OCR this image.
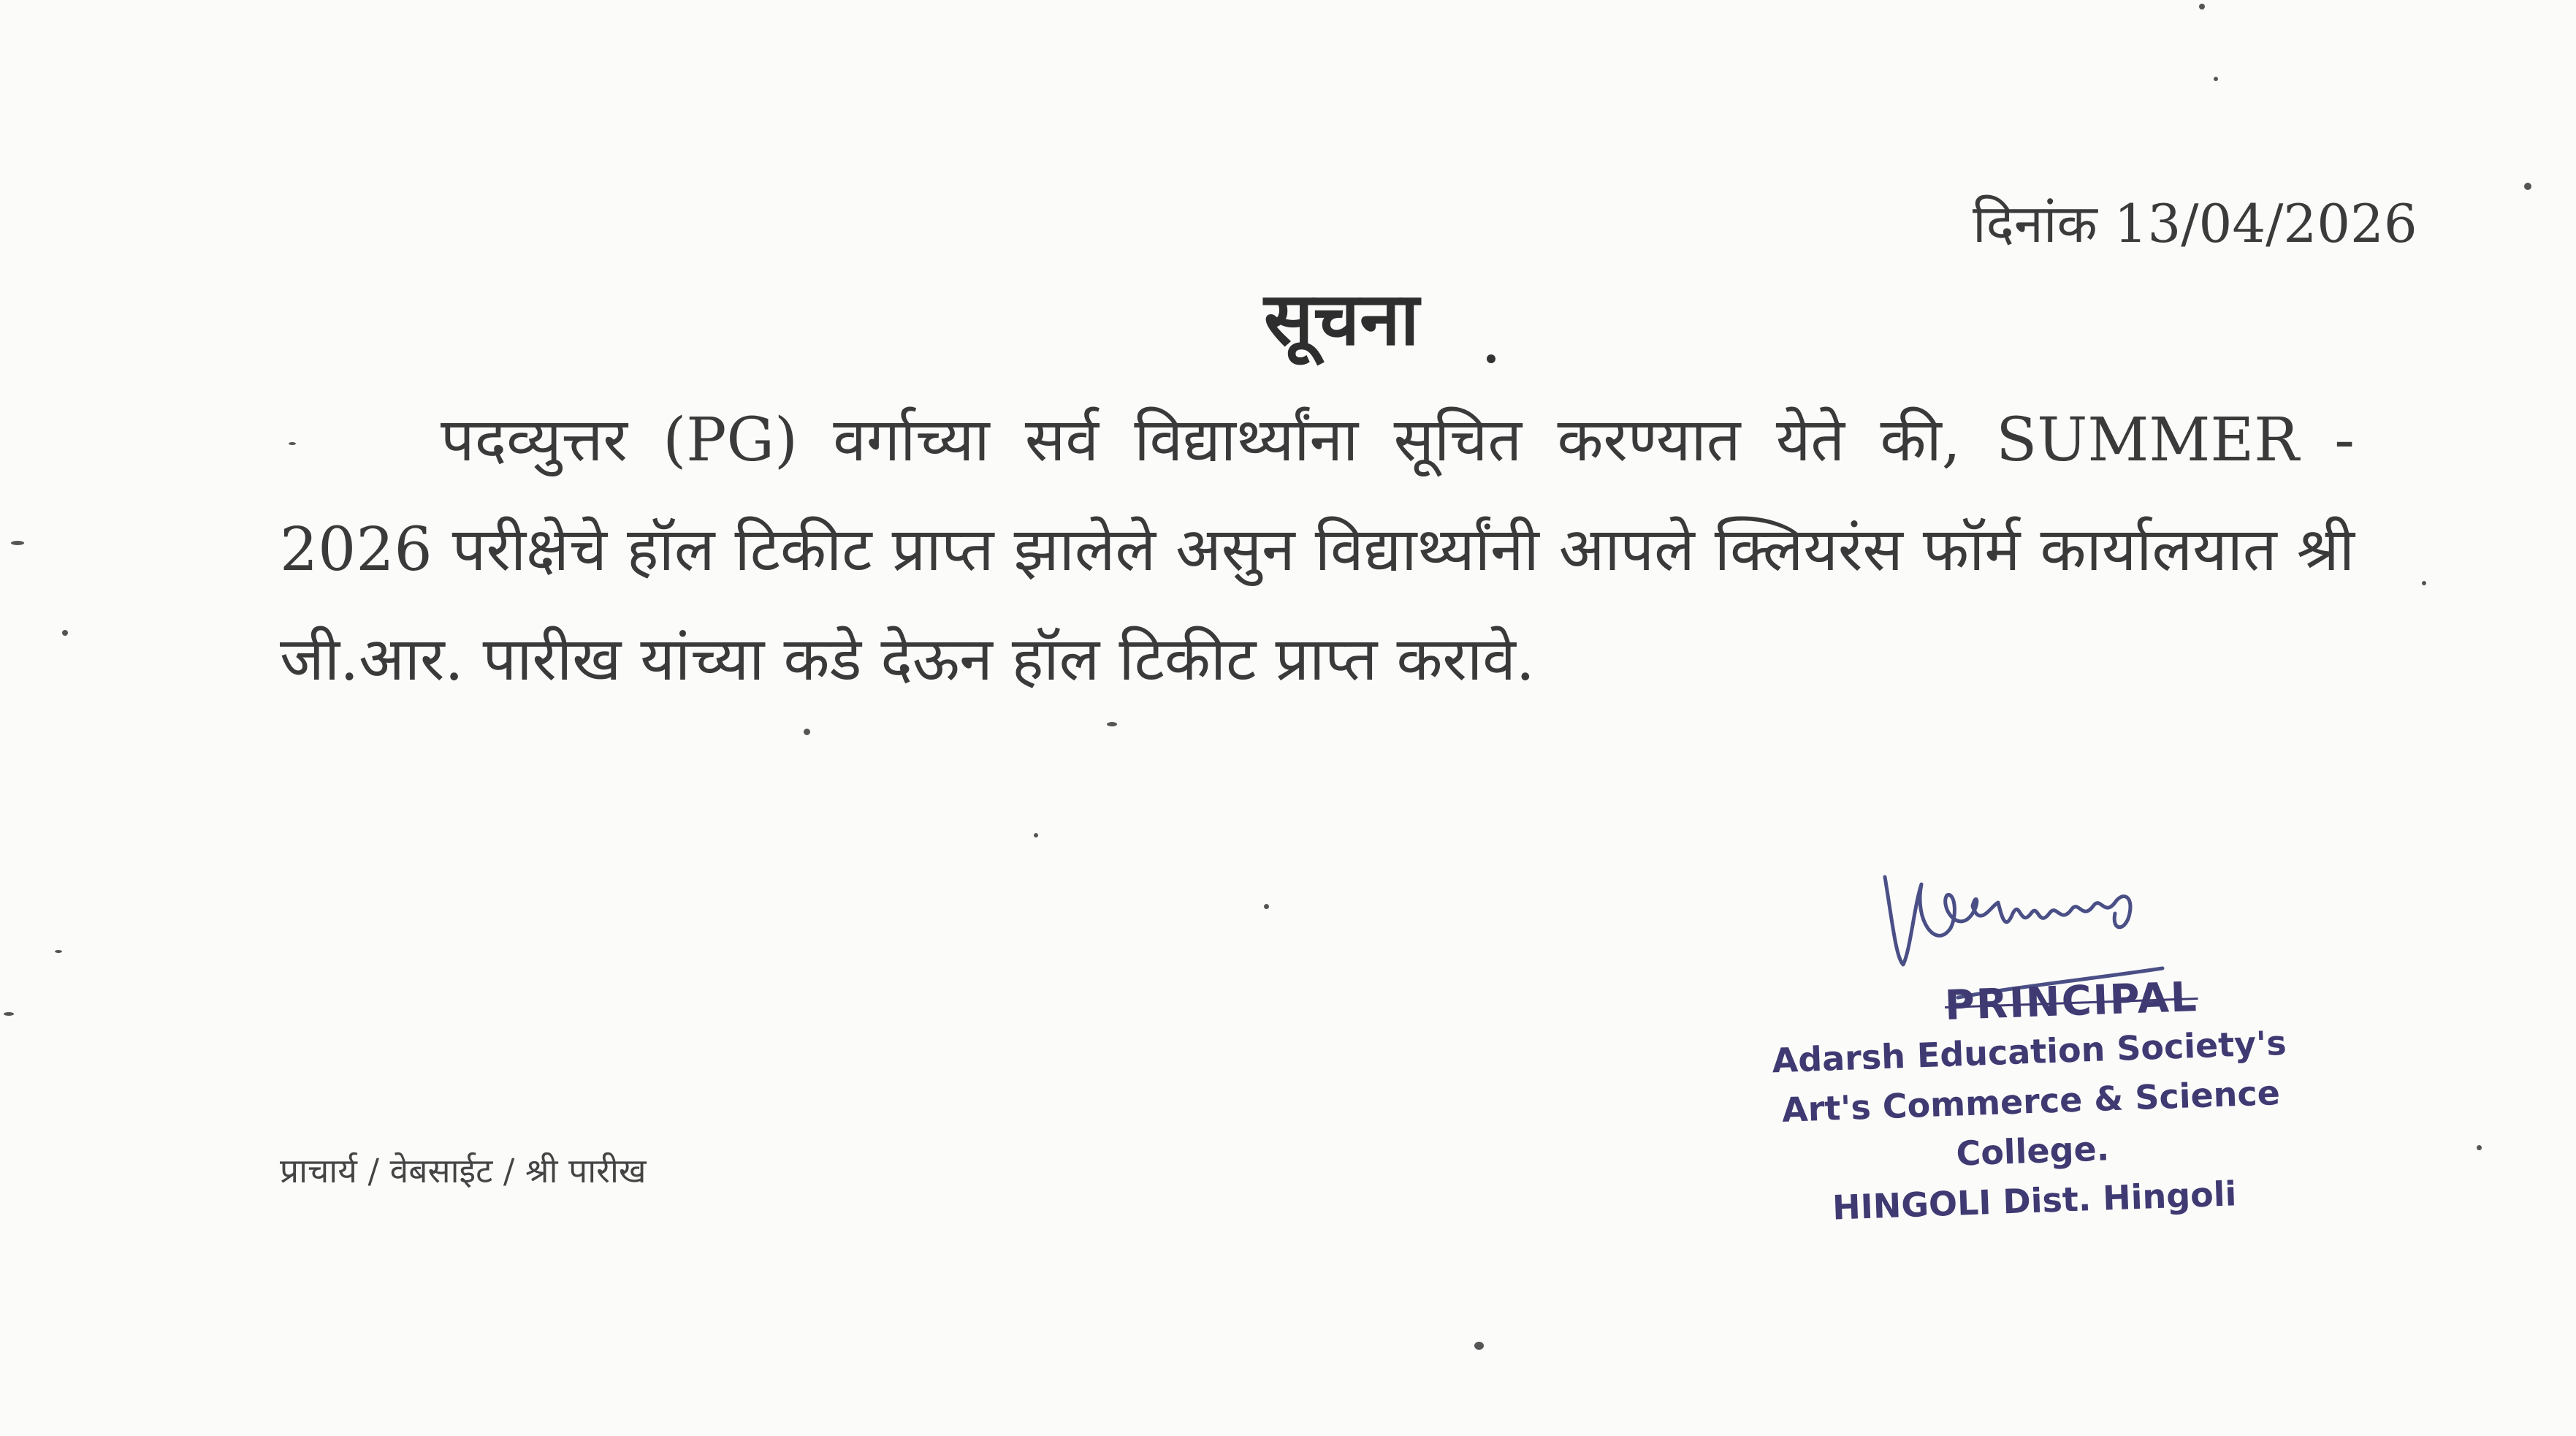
दिनांक 13/04/2026
सूचना
पदव्युत्तर (PG) वर्गाच्या सर्व विद्यार्थ्यांना सूचित करण्यात येते की, SUMMER - 2026 परीक्षेचे हॉल टिकीट प्राप्त झालेले असुन विद्यार्थ्यांनी आपले क्लियरंस फॉर्म कार्यालयात श्री जी.आर. पारीख यांच्या कडे देऊन हॉल टिकीट प्राप्त करावे.
PRINCIPAL
Adarsh Education Society's
Art's Commerce & Science College.
HINGOLI Dist. Hingoli
प्राचार्य / वेबसाईट / श्री पारीख
